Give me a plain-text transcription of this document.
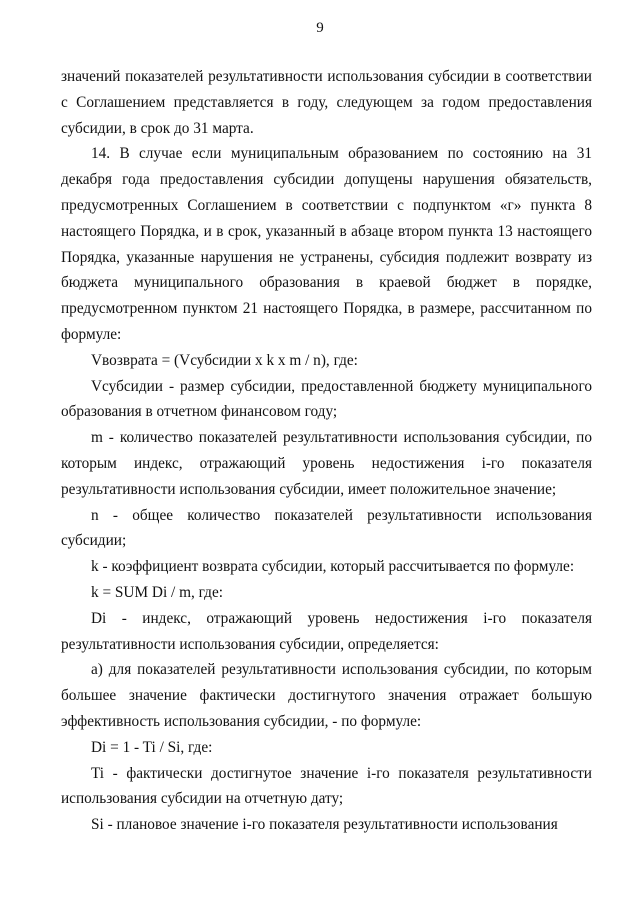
9

значений показателей результативности использования субсидии в соответствии с Соглашением представляется в году, следующем за годом предоставления субсидии, в срок до 31 марта.

14. В случае если муниципальным образованием по состоянию на 31 декабря года предоставления субсидии допущены нарушения обязательств, предусмотренных Соглашением в соответствии с подпунктом «г» пункта 8 настоящего Порядка, и в срок, указанный в абзаце втором пункта 13 настоящего Порядка, указанные нарушения не устранены, субсидия подлежит возврату из бюджета муниципального образования в краевой бюджет в порядке, предусмотренном пунктом 21 настоящего Порядка, в размере, рассчитанном по формуле:

Vвозврата = (Vсубсидии x k x m / n), где:

Vсубсидии - размер субсидии, предоставленной бюджету муниципального образования в отчетном финансовом году;

m - количество показателей результативности использования субсидии, по которым индекс, отражающий уровень недостижения i-го показателя результативности использования субсидии, имеет положительное значение;

n - общее количество показателей результативности использования субсидии;

k - коэффициент возврата субсидии, который рассчитывается по формуле:

k = SUM Di / m, где:

Di - индекс, отражающий уровень недостижения i-го показателя результативности использования субсидии, определяется:

а) для показателей результативности использования субсидии, по которым большее значение фактически достигнутого значения отражает большую эффективность использования субсидии, - по формуле:

Di = 1 - Ti / Si, где:

Ti - фактически достигнутое значение i-го показателя результативности использования субсидии на отчетную дату;

Si - плановое значение i-го показателя результативности использования
